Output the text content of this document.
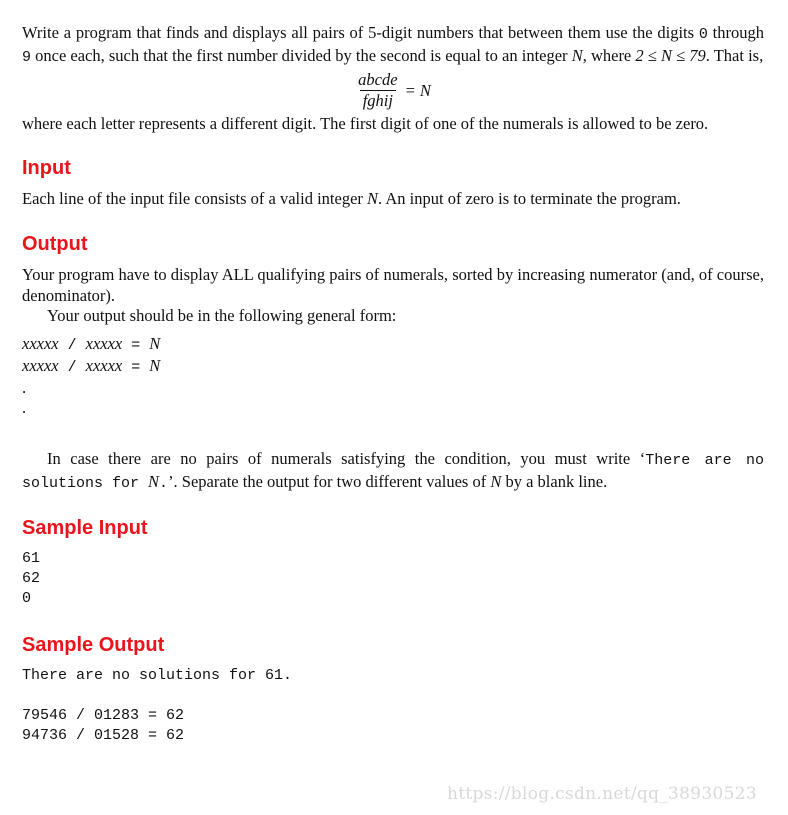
Write a program that finds and displays all pairs of 5-digit numbers that between them use the digits 0 through 9 once each, such that the first number divided by the second is equal to an integer N, where 2 ≤ N ≤ 79. That is,

$\frac{\text{abcde}}{\text{fghij}} = N$

where each letter represents a different digit. The first digit of one of the numerals is allowed to be zero.

Input

Each line of the input file consists of a valid integer N. An input of zero is to terminate the program.

Output

Your program have to display ALL qualifying pairs of numerals, sorted by increasing numerator (and, of course, denominator).

Your output should be in the following general form:

xxxxx / xxxxx = N
xxxxx / xxxxx = N
.
.

In case there are no pairs of numerals satisfying the condition, you must write ‘There are no solutions for N.’. Separate the output for two different values of N by a blank line.

Sample Input
61
62
0
Sample Output
There are no solutions for 61.
79546 / 01283 = 62
94736 / 01528 = 62
https://blog.csdn.net/qq_38930523
